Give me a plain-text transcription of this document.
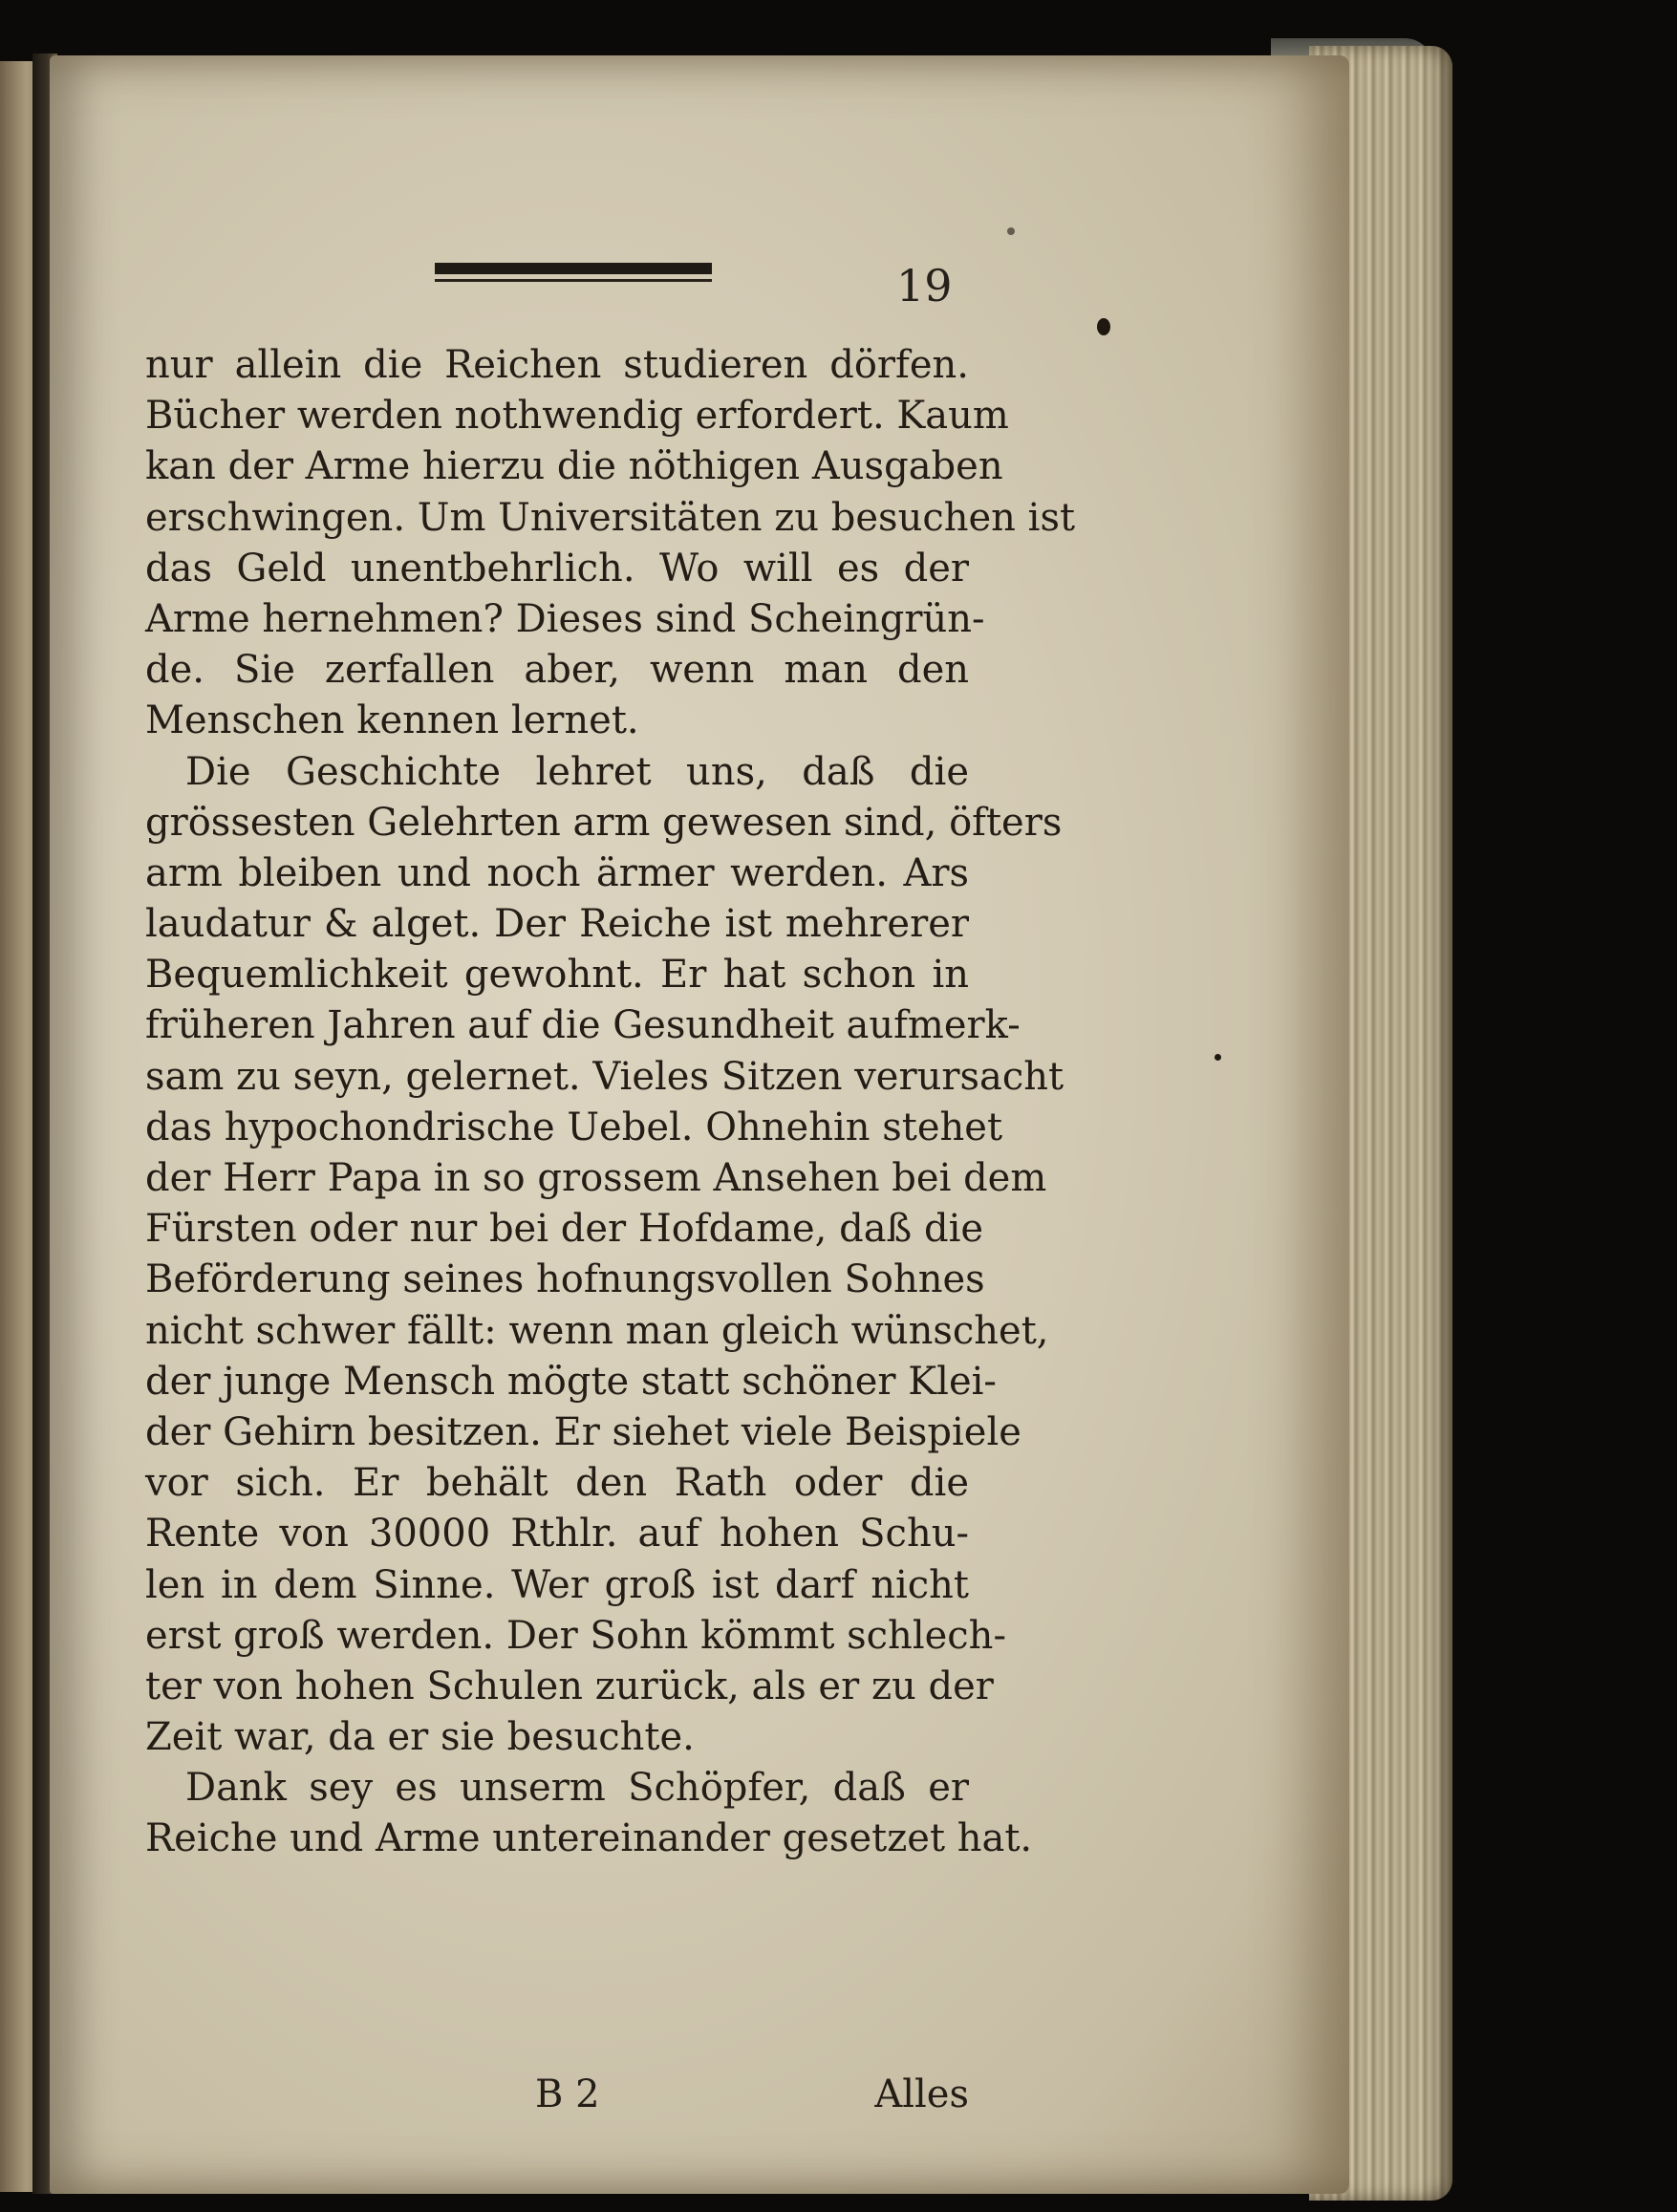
19
nur allein die Reichen studieren dörfen.
Bücher werden nothwendig erfordert. Kaum
kan der Arme hierzu die nöthigen Ausgaben
erschwingen. Um Universitäten zu besuchen ist
das Geld unentbehrlich. Wo will es der
Arme hernehmen? Dieses sind Scheingrün-
de. Sie zerfallen aber, wenn man den
Menschen kennen lernet.
Die Geschichte lehret uns, daß die
grössesten Gelehrten arm gewesen sind, öfters
arm bleiben und noch ärmer werden. Ars
laudatur & alget. Der Reiche ist mehrerer
Bequemlichkeit gewohnt. Er hat schon in
früheren Jahren auf die Gesundheit aufmerk-
sam zu seyn, gelernet. Vieles Sitzen verursacht
das hypochondrische Uebel. Ohnehin stehet
der Herr Papa in so grossem Ansehen bei dem
Fürsten oder nur bei der Hofdame, daß die
Beförderung seines hofnungsvollen Sohnes
nicht schwer fällt: wenn man gleich wünschet,
der junge Mensch mögte statt schöner Klei-
der Gehirn besitzen. Er siehet viele Beispiele
vor sich. Er behält den Rath oder die
Rente von 30000 Rthlr. auf hohen Schu-
len in dem Sinne. Wer groß ist darf nicht
erst groß werden. Der Sohn kömmt schlech-
ter von hohen Schulen zurück, als er zu der
Zeit war, da er sie besuchte.
Dank sey es unserm Schöpfer, daß er
Reiche und Arme untereinander gesetzet hat.
B 2	Alles
